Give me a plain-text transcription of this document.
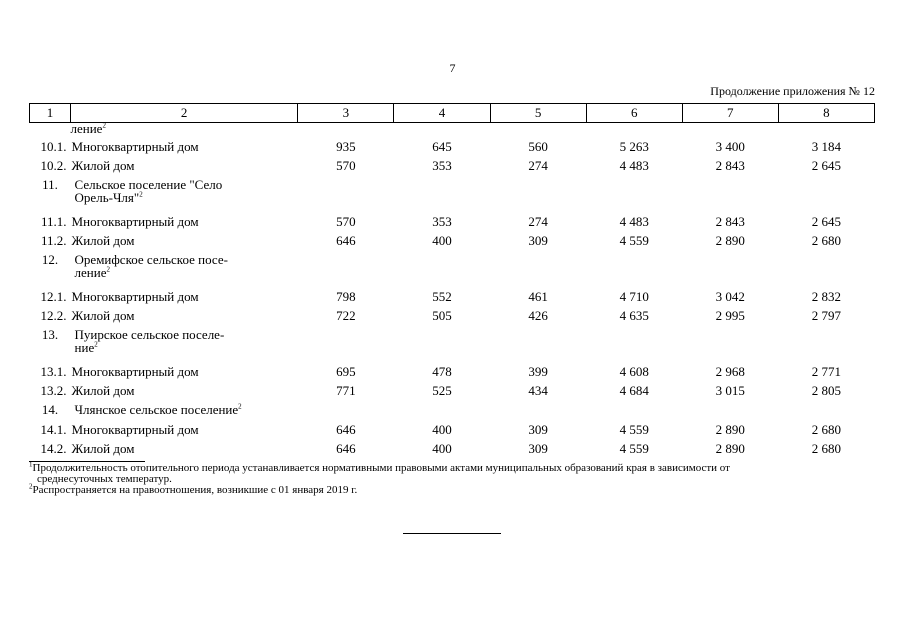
7
Продолжение приложения № 12
1	2	3	4	5	6	7	8
ление$^2$
10.1.	Многоквартирный дом	935	645	560	5 263	3 400	3 184
10.2.	Жилой дом	570	353	274	4 483	2 843	2 645
11.	Сельское поселение "Село
Орель-Чля"$^2$
11.1.	Многоквартирный дом	570	353	274	4 483	2 843	2 645
11.2.	Жилой дом	646	400	309	4 559	2 890	2 680
12.	Оремифское сельское посе-
ление$^2$
12.1.	Многоквартирный дом	798	552	461	4 710	3 042	2 832
12.2.	Жилой дом	722	505	426	4 635	2 995	2 797
13.	Пуирское сельское поселе-
ние$^2$
13.1.	Многоквартирный дом	695	478	399	4 608	2 968	2 771
13.2.	Жилой дом	771	525	434	4 684	3 015	2 805
14.	Члянское сельское поселение$^2$
14.1.	Многоквартирный дом	646	400	309	4 559	2 890	2 680
14.2.	Жилой дом	646	400	309	4 559	2 890	2 680

$^1$Продолжительность отопительного периода устанавливается нормативными правовыми актами муниципальных образований края в зависимости от
среднесуточных температур.

$^2$Распространяется на правоотношения, возникшие с 01 января 2019 г.
